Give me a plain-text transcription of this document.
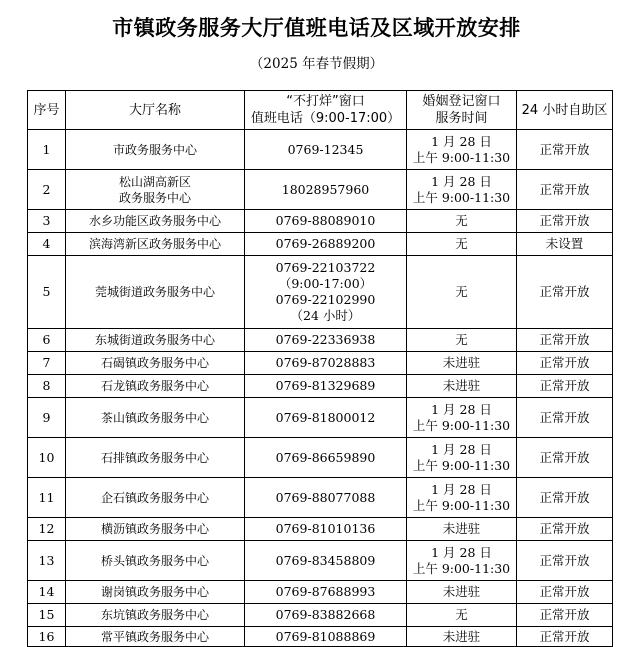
市镇政务服务大厅值班电话及区域开放安排
（2025 年春节假期）
序号	大厅名称	“不打烊”窗口
值班电话（9:00-17:00）	婚姻登记窗口
服务时间	24 小时自助区
1	市政务服务中心	0769-12345	1 月 28 日
上午 9:00-11:30	正常开放
2	松山湖高新区
政务服务中心	18028957960	1 月 28 日
上午 9:00-11:30	正常开放
3	水乡功能区政务服务中心	0769-88089010	无	正常开放
4	滨海湾新区政务服务中心	0769-26889200	无	未设置
5	莞城街道政务服务中心	0769-22103722
（9:00-17:00）
0769-22102990
（24 小时）	无	正常开放
6	东城街道政务服务中心	0769-22336938	无	正常开放
7	石碣镇政务服务中心	0769-87028883	未进驻	正常开放
8	石龙镇政务服务中心	0769-81329689	未进驻	正常开放
9	茶山镇政务服务中心	0769-81800012	1 月 28 日
上午 9:00-11:30	正常开放
10	石排镇政务服务中心	0769-86659890	1 月 28 日
上午 9:00-11:30	正常开放
11	企石镇政务服务中心	0769-88077088	1 月 28 日
上午 9:00-11:30	正常开放
12	横沥镇政务服务中心	0769-81010136	未进驻	正常开放
13	桥头镇政务服务中心	0769-83458809	1 月 28 日
上午 9:00-11:30	正常开放
14	谢岗镇政务服务中心	0769-87688993	未进驻	正常开放
15	东坑镇政务服务中心	0769-83882668	无	正常开放
16	常平镇政务服务中心	0769-81088869	未进驻	正常开放
